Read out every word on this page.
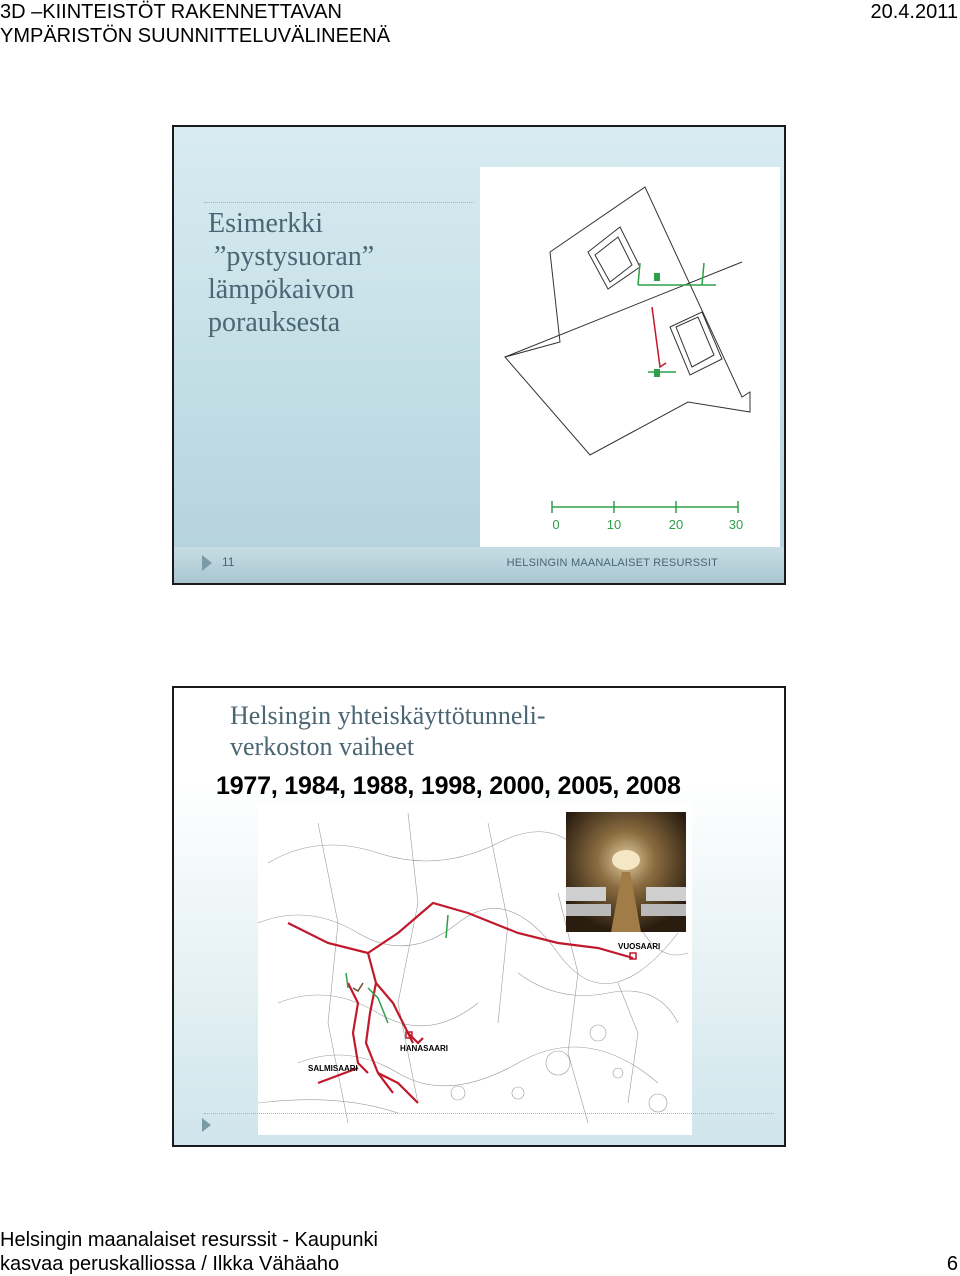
3D –KIINTEISTÖT RAKENNETTAVAN
YMPÄRISTÖN SUUNNITTELUVÄLINEENÄ
20.4.2011
Esimerkki
”pystysuoran”
lämpökaivon
porauksesta
0	10	20	30
11	HELSINGIN MAANALAISET RESURSSIT
Helsingin yhteiskäyttötunneli-
verkoston vaiheet
1977, 1984, 1988, 1998, 2000, 2005, 2008
VUOSAARI
HANASAARI
SALMISAARI
Helsingin maanalaiset resurssit - Kaupunki
kasvaa peruskalliossa / Ilkka Vähäaho	6
